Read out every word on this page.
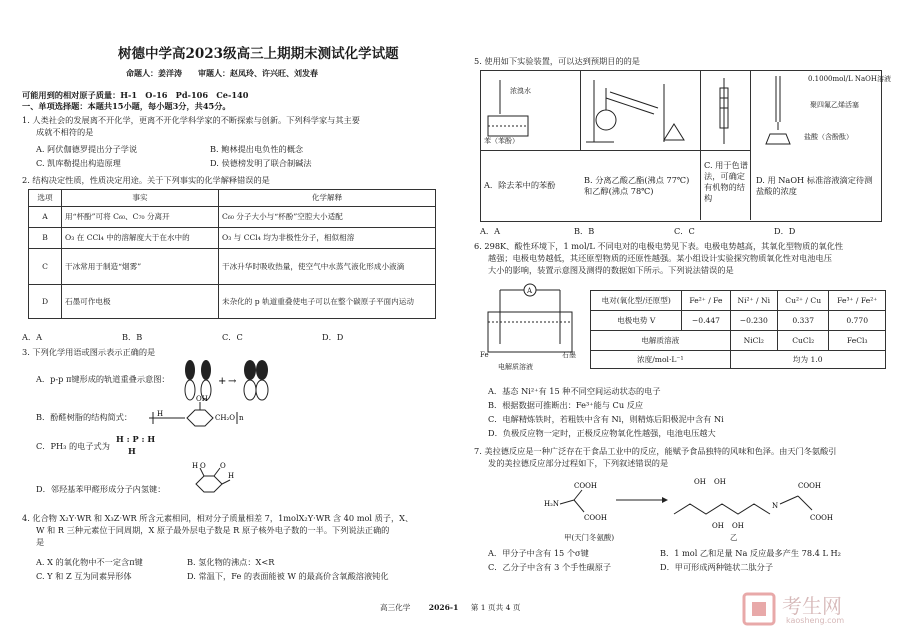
树德中学高2023级高三上期期末测试化学试题
命题人：姜洋涛　　审题人：赵凤玲、许兴旺、刘发春
可能用到的相对原子质量：H-1　O-16　Pd-106　Ce-140
一、单项选择题：本题共15小题，每小题3分，共45分。
1. 人类社会的发展离不开化学，更离不开化学科学家的不断探索与创新。下列科学家与其主要
成就不相符的是
A. 阿伏伽德罗提出分子学说	B. 鲍林提出电负性的概念
C. 凯库勒提出构造原理	D. 侯德榜发明了联合制碱法
2. 结构决定性质，性质决定用途。关于下列事实的化学解释错误的是
选项	事实	化学解释
A	用“杯酚”可将 C₆₀、C₇₀ 分离开	C₆₀ 分子大小与“杯酚”空腔大小适配
B	O₃ 在 CCl₄ 中的溶解度大于在水中的	O₃ 与 CCl₄ 均为非极性分子，相似相溶
C	干冰常用于制造“烟雾”	干冰升华时吸收热量，使空气中水蒸气液化形成小液滴
D	石墨可作电极	未杂化的 p 轨道重叠使电子可以在整个碳原子平面内运动
A．A	B．B	C．C	D．D
3. 下列化学用语或图示表示正确的是
A．p-p π键形成的轨道重叠示意图：	+ →
B．酚醛树脂的结构简式：	H
OH
CH₂O n
C．PH₃ 的电子式为
H : P : H
H
D．邻羟基苯甲醛形成分子内氢键：
H O O
H
4. 化合物 X₂Y·WR 和 X₃Z·WR 所含元素相同，相对分子质量相差 7，1molX₂Y·WR 含 40 mol 质子，X、
W 和 R 三种元素位于同周期，X 原子最外层电子数是 R 原子核外电子数的一半。下列说法正确的
是
A. X 的氧化物中不一定含π键	B. 氢化物的沸点：X<R
C. Y 和 Z 互为同素异形体	D. 常温下，Fe 的表面能被 W 的最高价含氧酸溶液钝化
5. 使用如下实验装置，可以达到预期目的的是
浓溴水
苯（苯酚）
0.1000mol/L NaOH溶液
聚四氟乙烯活塞
盐酸（含酚酞）
A．除去苯中的苯酚	B. 分离乙酸乙酯(沸点 77℃)和乙醇(沸点 78℃)
C. 用于色谱法，可确定有机物的结构
D. 用 NaOH 标准溶液滴定待测盐酸的浓度
A．A	B．B	C．C	D．D
6. 298K、酸性环境下，1 mol/L 不同电对的电极电势见下表。电极电势越高，其氧化型物质的氧化性
越强；电极电势越低，其还原型物质的还原性越强。某小组设计实验探究物质氧化性对电池电压
大小的影响，装置示意图及测得的数据如下所示。下列说法错误的是
A
Fe	石墨
电解质溶液
电对(氧化型/还原型)	Fe²⁺ / Fe	Ni²⁺ / Ni	Cu²⁺ / Cu	Fe³⁺ / Fe²⁺
电极电势 V	−0.447	−0.230	0.337	0.770
电解质溶液		NiCl₂	CuCl₂	FeCl₃
浓度/mol·L⁻¹		均为 1.0		
A．基态 Ni²⁺有 15 种不同空间运动状态的电子
B．根据数据可推断出：Fe³⁺能与 Cu 反应
C．电解精炼铁时，若粗铁中含有 Ni，则精炼后阳极泥中含有 Ni
D．负极反应物一定时，正极反应物氧化性越强，电池电压越大
7. 美拉德反应是一种广泛存在于食品工业中的反应，能赋予食品独特的风味和色泽。由天门冬氨酸引
发的美拉德反应部分过程如下，下列叙述错误的是
COOH
H₂N
COOH
OH OH
OH OH
N
COOH
COOH
甲(天门冬氨酸)	乙
A．甲分子中含有 15 个σ键	B．1 mol 乙和足量 Na 反应最多产生 78.4 L H₂
C．乙分子中含有 3 个手性碳原子	D．甲可形成两种链状二肽分子
高三化学 2026-1 第 1 页共 4 页	考生网
kaosheng.com
